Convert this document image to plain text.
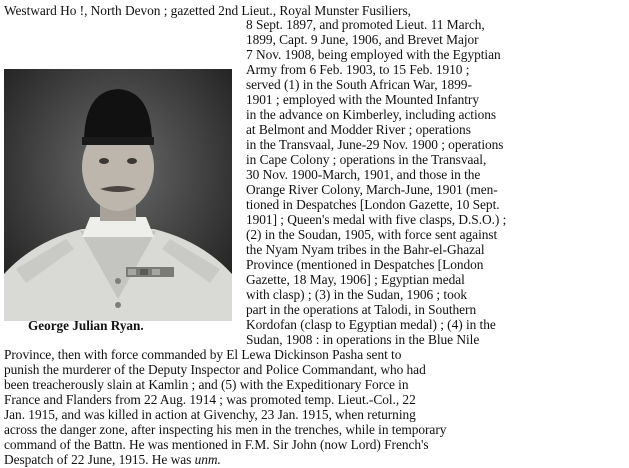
Westward Ho !, North Devon ; gazetted 2nd Lieut., Royal Munster Fusiliers,
George Julian Ryan.
8 Sept. 1897, and promoted Lieut. 11 March,
1899, Capt. 9 June, 1906, and Brevet Major
7 Nov. 1908, being employed with the Egyptian
Army from 6 Feb. 1903, to 15 Feb. 1910 ;
served (1) in the South African War, 1899-
1901 ; employed with the Mounted Infantry
in the advance on Kimberley, including actions
at Belmont and Modder River ; operations
in the Transvaal, June-29 Nov. 1900 ; operations
in Cape Colony ; operations in the Transvaal,
30 Nov. 1900-March, 1901, and those in the
Orange River Colony, March-June, 1901 (men-
tioned in Despatches [London Gazette, 10 Sept.
1901] ; Queen's medal with five clasps, D.S.O.) ;
(2) in the Soudan, 1905, with force sent against
the Nyam Nyam tribes in the Bahr-el-Ghazal
Province (mentioned in Despatches [London
Gazette, 18 May, 1906] ; Egyptian medal
with clasp) ; (3) in the Sudan, 1906 ; took
part in the operations at Talodi, in Southern
Kordofan (clasp to Egyptian medal) ; (4) in the
Sudan, 1908 : in operations in the Blue Nile
Province, then with force commanded by El Lewa Dickinson Pasha sent to
punish the murderer of the Deputy Inspector and Police Commandant, who had
been treacherously slain at Kamlin ; and (5) with the Expeditionary Force in
France and Flanders from 22 Aug. 1914 ; was promoted temp. Lieut.-Col., 22
Jan. 1915, and was killed in action at Givenchy, 23 Jan. 1915, when returning
across the danger zone, after inspecting his men in the trenches, while in temporary
command of the Battn. He was mentioned in F.M. Sir John (now Lord) French's
Despatch of 22 June, 1915. He was unm.
